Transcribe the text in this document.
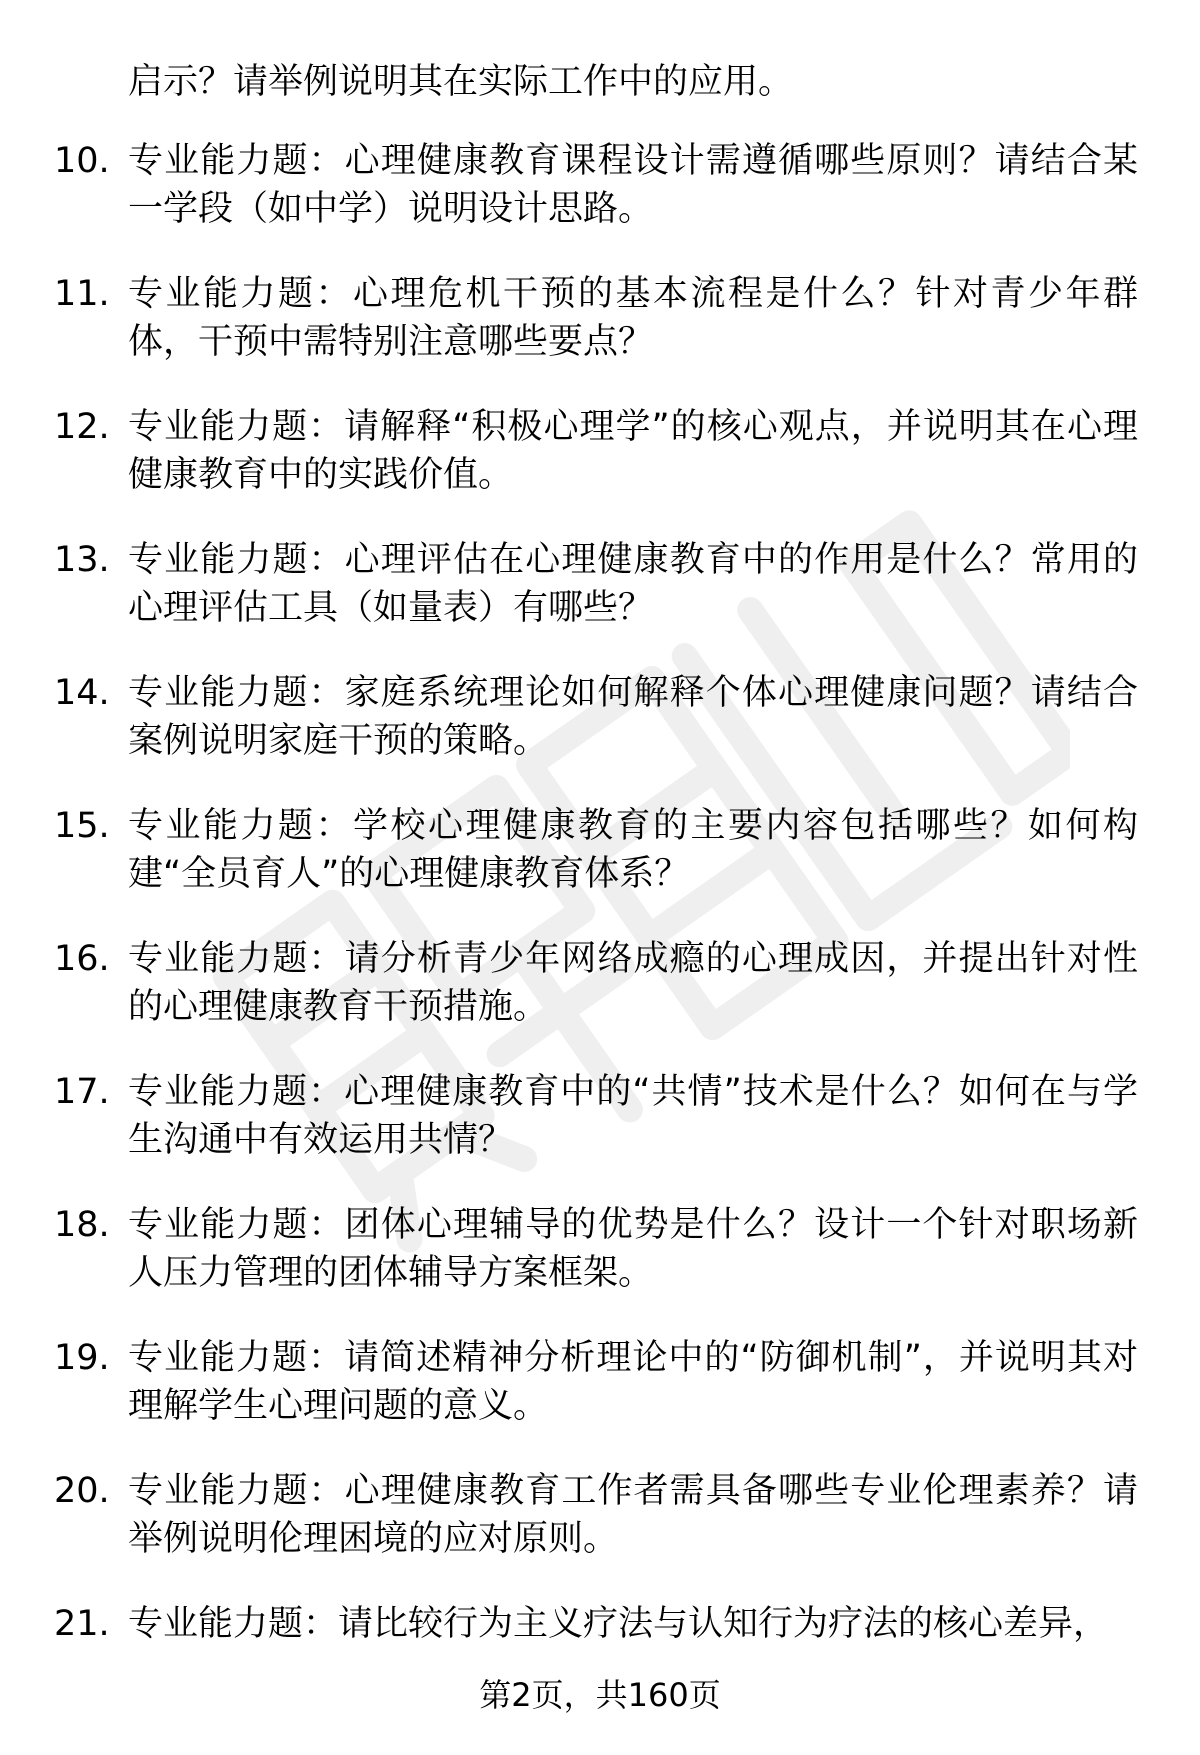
启示？请举例说明其在实际工作中的应用。
10. 专业能力题：心理健康教育课程设计需遵循哪些原则？请结合某一学段（如中学）说明设计思路。
11. 专业能力题：心理危机干预的基本流程是什么？针对青少年群体，干预中需特别注意哪些要点？
12. 专业能力题：请解释“积极心理学”的核心观点，并说明其在心理健康教育中的实践价值。
13. 专业能力题：心理评估在心理健康教育中的作用是什么？常用的心理评估工具（如量表）有哪些？
14. 专业能力题：家庭系统理论如何解释个体心理健康问题？请结合案例说明家庭干预的策略。
15. 专业能力题：学校心理健康教育的主要内容包括哪些？如何构建“全员育人”的心理健康教育体系？
16. 专业能力题：请分析青少年网络成瘾的心理成因，并提出针对性的心理健康教育干预措施。
17. 专业能力题：心理健康教育中的“共情”技术是什么？如何在与学生沟通中有效运用共情？
18. 专业能力题：团体心理辅导的优势是什么？设计一个针对职场新人压力管理的团体辅导方案框架。
19. 专业能力题：请简述精神分析理论中的“防御机制”，并说明其对理解学生心理问题的意义。
20. 专业能力题：心理健康教育工作者需具备哪些专业伦理素养？请举例说明伦理困境的应对原则。
21. 专业能力题：请比较行为主义疗法与认知行为疗法的核心差异，
第2页，共160页
